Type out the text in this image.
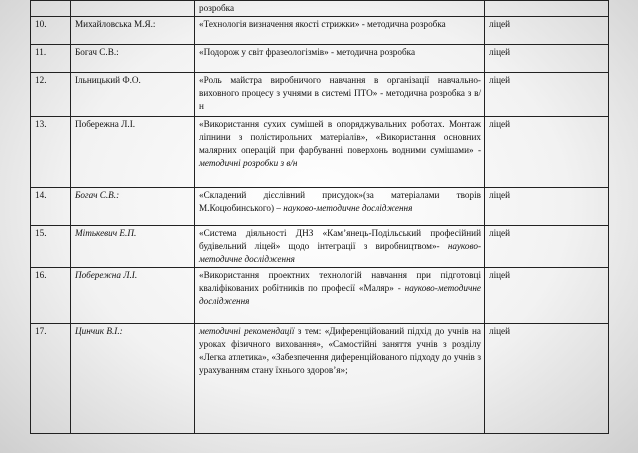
		розробка	
10.	Михайловська М.Я.:	«Технологія визначення якості стрижки» - методична розробка	ліцей
11.	Богач С.В.:	«Подорож у світ фразеологізмів» - методична розробка	ліцей
12.	Ільницький Ф.О.	«Роль майстра виробничого навчання в організації навчально-виховного процесу з учнями в системі ПТО» - методична розробка з в/н	ліцей
13.	Побережна Л.І.	«Використання сухих сумішей в опоряджувальних роботах. Монтаж ліпнини з полістирольних матеріалів», «Використання основних малярних операцій при фарбуванні поверхонь водними сумішами» - методичні розробки з в/н	ліцей
14.	Богач С.В.:	«Складений дієслівний присудок»(за матеріалами творів М.Коцюбинського) – науково-методичне дослідження	ліцей
15.	Мітькевич Е.П.	«Система діяльності ДНЗ «Кам’янець-Подільський професійний будівельний ліцей» щодо інтеграції з виробництвом»- науково-методичне дослідження	ліцей
16.	Побережна Л.І.	«Використання проектних технологій навчання при підготовці кваліфікованих робітників по професії «Маляр» - науково-методичне дослідження	ліцей
17.	Цинчик В.І.:	методичні рекомендації з тем: «Диференційований підхід до учнів на уроках фізичного виховання», «Самостійні заняття учнів з розділу «Легка атлетика», «Забезпечення диференційованого підходу до учнів з урахуванням стану їхнього здоров’я»;	ліцей
